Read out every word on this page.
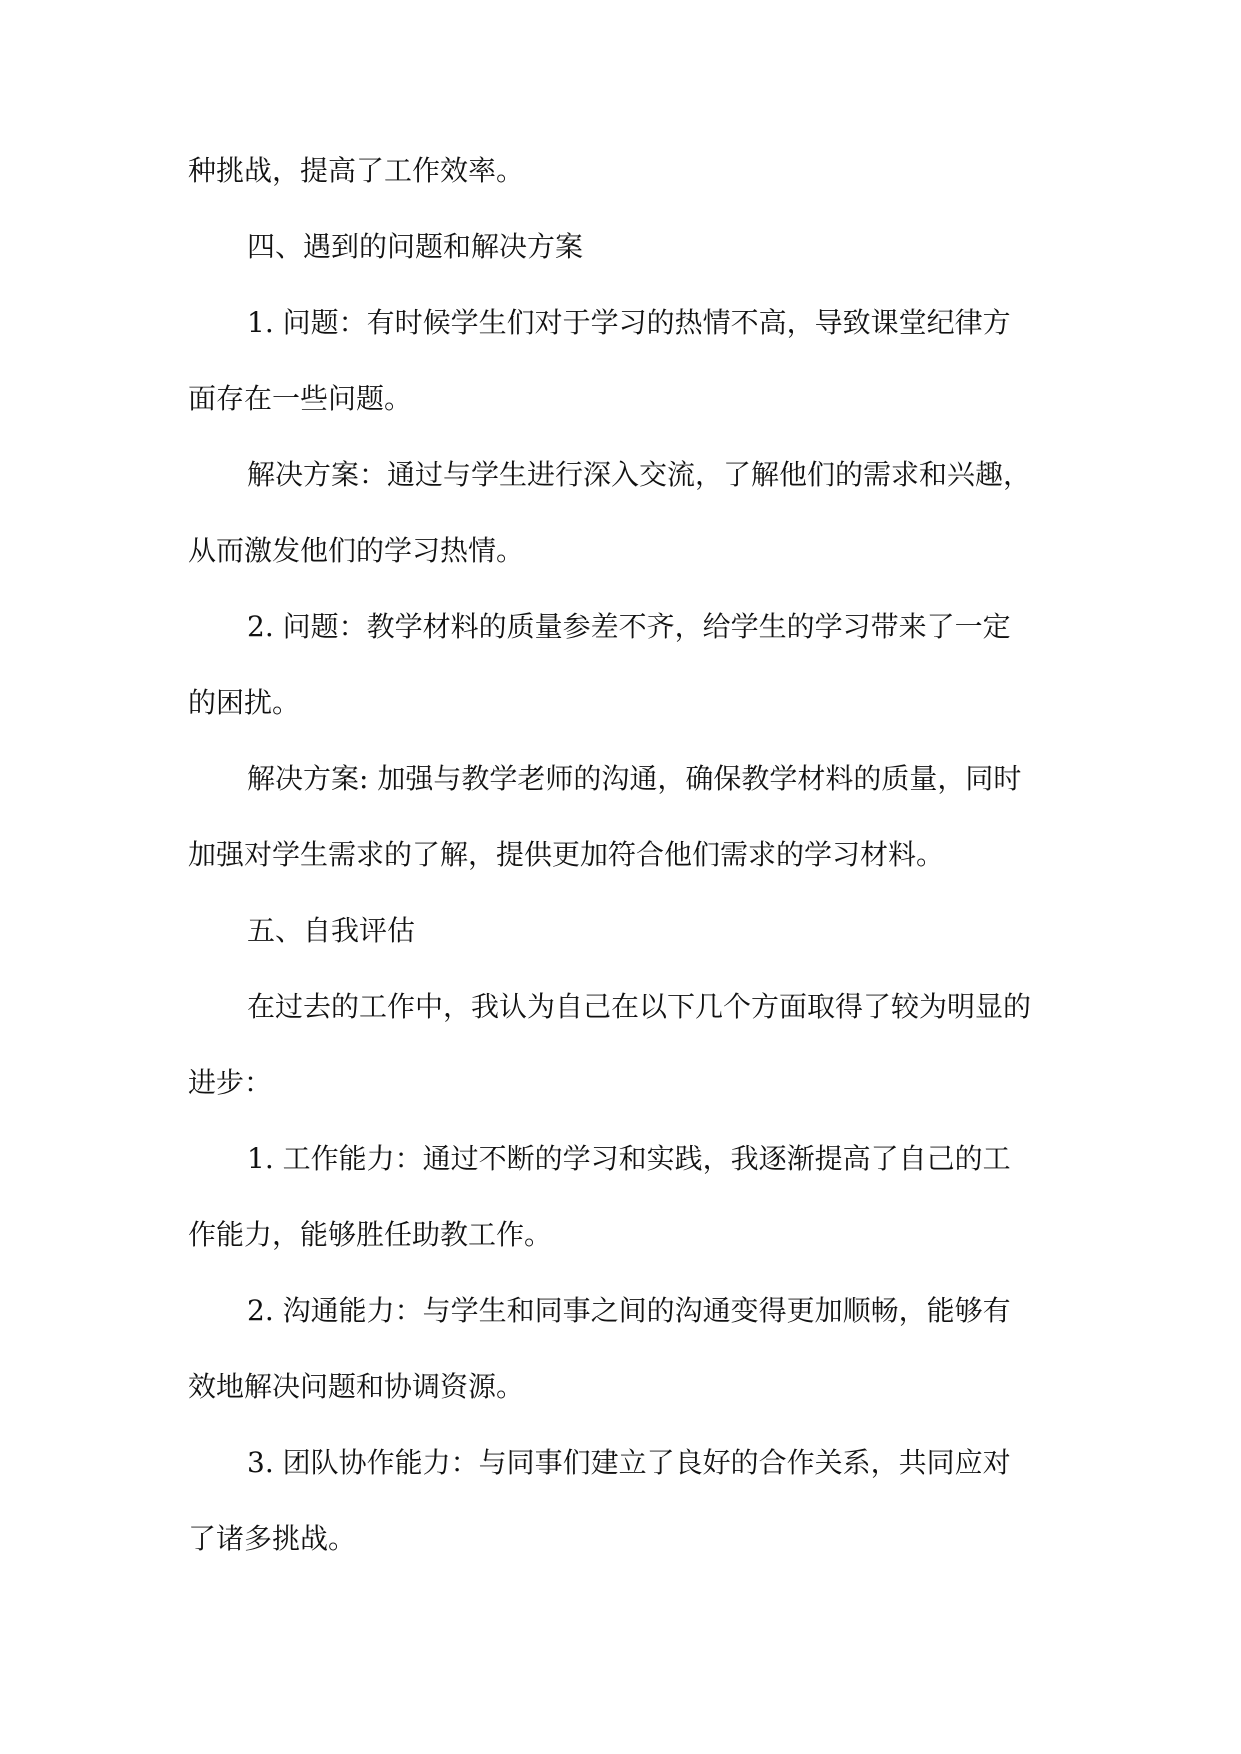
种挑战，提高了工作效率。
四、遇到的问题和解决方案
1. 问题：有时候学生们对于学习的热情不高，导致课堂纪律方
面存在一些问题。
解决方案：通过与学生进行深入交流，了解他们的需求和兴趣，
从而激发他们的学习热情。
2. 问题：教学材料的质量参差不齐，给学生的学习带来了一定
的困扰。
解决方案: 加强与教学老师的沟通，确保教学材料的质量，同时
加强对学生需求的了解，提供更加符合他们需求的学习材料。
五、自我评估
在过去的工作中，我认为自己在以下几个方面取得了较为明显的
进步：
1. 工作能力：通过不断的学习和实践，我逐渐提高了自己的工
作能力，能够胜任助教工作。
2. 沟通能力：与学生和同事之间的沟通变得更加顺畅，能够有
效地解决问题和协调资源。
3. 团队协作能力：与同事们建立了良好的合作关系，共同应对
了诸多挑战。
